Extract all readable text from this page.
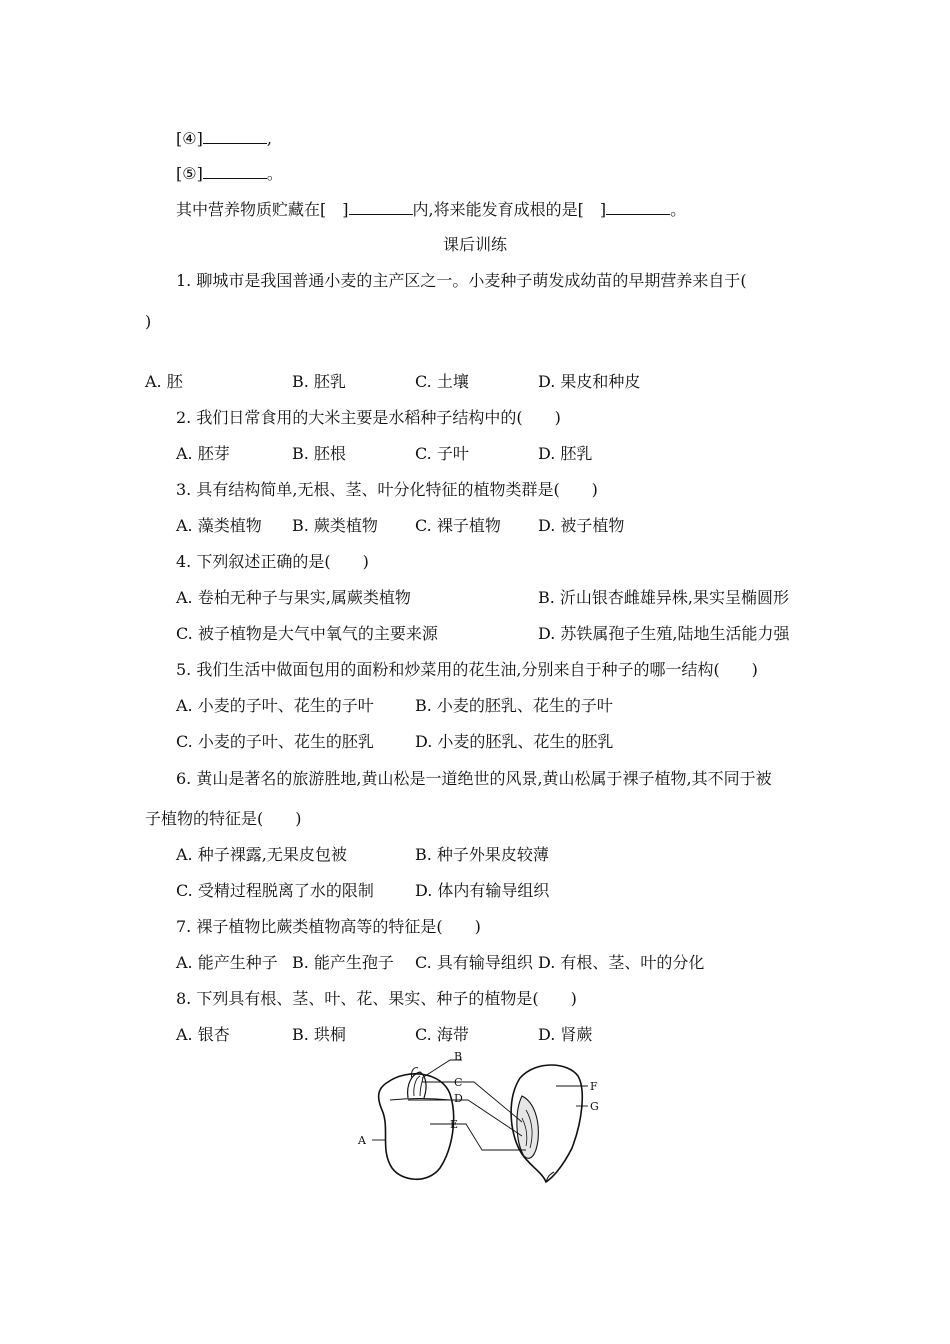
[④]	,
[⑤]	。
其中营养物质贮藏在[　]	内,将来能发育成根的是[　]	。
课后训练
1. 聊城市是我国普通小麦的主产区之一。小麦种子萌发成幼苗的早期营养来自于(
)
A. 胚	B. 胚乳	C. 土壤	D. 果皮和种皮
2. 我们日常食用的大米主要是水稻种子结构中的(　　)
A. 胚芽	B. 胚根	C. 子叶	D. 胚乳
3. 具有结构简单,无根、茎、叶分化特征的植物类群是(　　)
A. 藻类植物 B. 蕨类植物 C. 裸子植物 D. 被子植物
4. 下列叙述正确的是(　　)
A. 卷柏无种子与果实,属蕨类植物	B. 沂山银杏雌雄异株,果实呈椭圆形
C. 被子植物是大气中氧气的主要来源	D. 苏铁属孢子生殖,陆地生活能力强
5. 我们生活中做面包用的面粉和炒菜用的花生油,分别来自于种子的哪一结构(　　)
A. 小麦的子叶、花生的子叶	B. 小麦的胚乳、花生的子叶
C. 小麦的子叶、花生的胚乳	D. 小麦的胚乳、花生的胚乳
6. 黄山是著名的旅游胜地,黄山松是一道绝世的风景,黄山松属于裸子植物,其不同于被
子植物的特征是(　　)
A. 种子裸露,无果皮包被	B. 种子外果皮较薄
C. 受精过程脱离了水的限制	D. 体内有输导组织
7. 裸子植物比蕨类植物高等的特征是(　　)
A. 能产生种子 B. 能产生孢子 C. 具有输导组织 D. 有根、茎、叶的分化
8. 下列具有根、茎、叶、花、果实、种子的植物是(　　)
A. 银杏	B. 珙桐	C. 海带	D. 肾蕨
A
B
C
D
E
F
G
